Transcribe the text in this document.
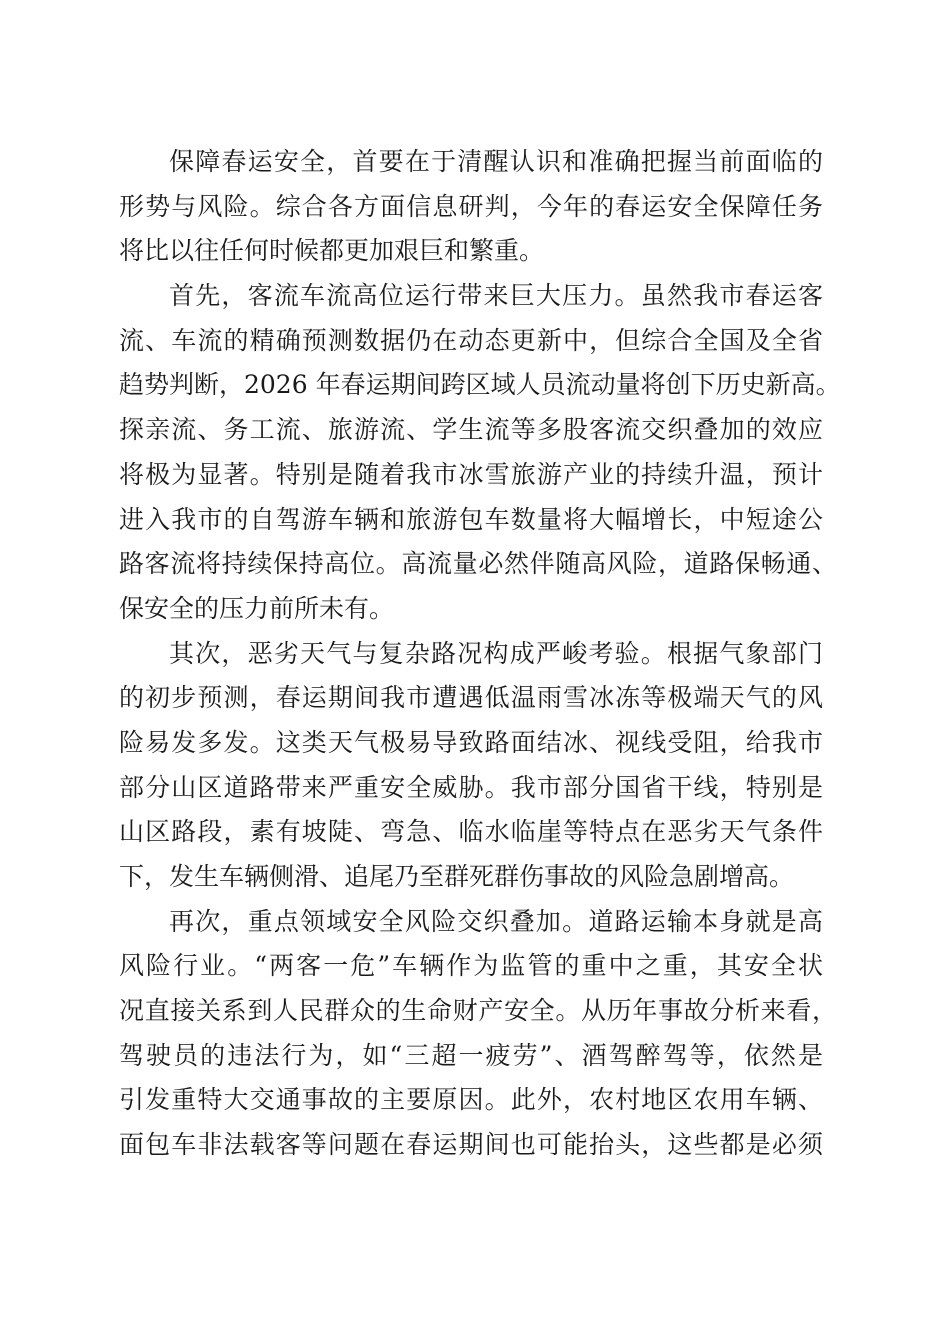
保障春运安全，首要在于清醒认识和准确把握当前面临的
形势与风险。综合各方面信息研判，今年的春运安全保障任务
将比以往任何时候都更加艰巨和繁重。
首先，客流车流高位运行带来巨大压力。虽然我市春运客
流、车流的精确预测数据仍在动态更新中，但综合全国及全省
趋势判断，2026 年春运期间跨区域人员流动量将创下历史新高。
探亲流、务工流、旅游流、学生流等多股客流交织叠加的效应
将极为显著。特别是随着我市冰雪旅游产业的持续升温，预计
进入我市的自驾游车辆和旅游包车数量将大幅增长，中短途公
路客流将持续保持高位。高流量必然伴随高风险，道路保畅通、
保安全的压力前所未有。
其次，恶劣天气与复杂路况构成严峻考验。根据气象部门
的初步预测，春运期间我市遭遇低温雨雪冰冻等极端天气的风
险易发多发。这类天气极易导致路面结冰、视线受阻，给我市
部分山区道路带来严重安全威胁。我市部分国省干线，特别是
山区路段，素有坡陡、弯急、临水临崖等特点在恶劣天气条件
下，发生车辆侧滑、追尾乃至群死群伤事故的风险急剧增高。
再次，重点领域安全风险交织叠加。道路运输本身就是高
风险行业。“两客一危”车辆作为监管的重中之重，其安全状
况直接关系到人民群众的生命财产安全。从历年事故分析来看，
驾驶员的违法行为，如“三超一疲劳”、酒驾醉驾等，依然是
引发重特大交通事故的主要原因。此外，农村地区农用车辆、
面包车非法载客等问题在春运期间也可能抬头，这些都是必须
